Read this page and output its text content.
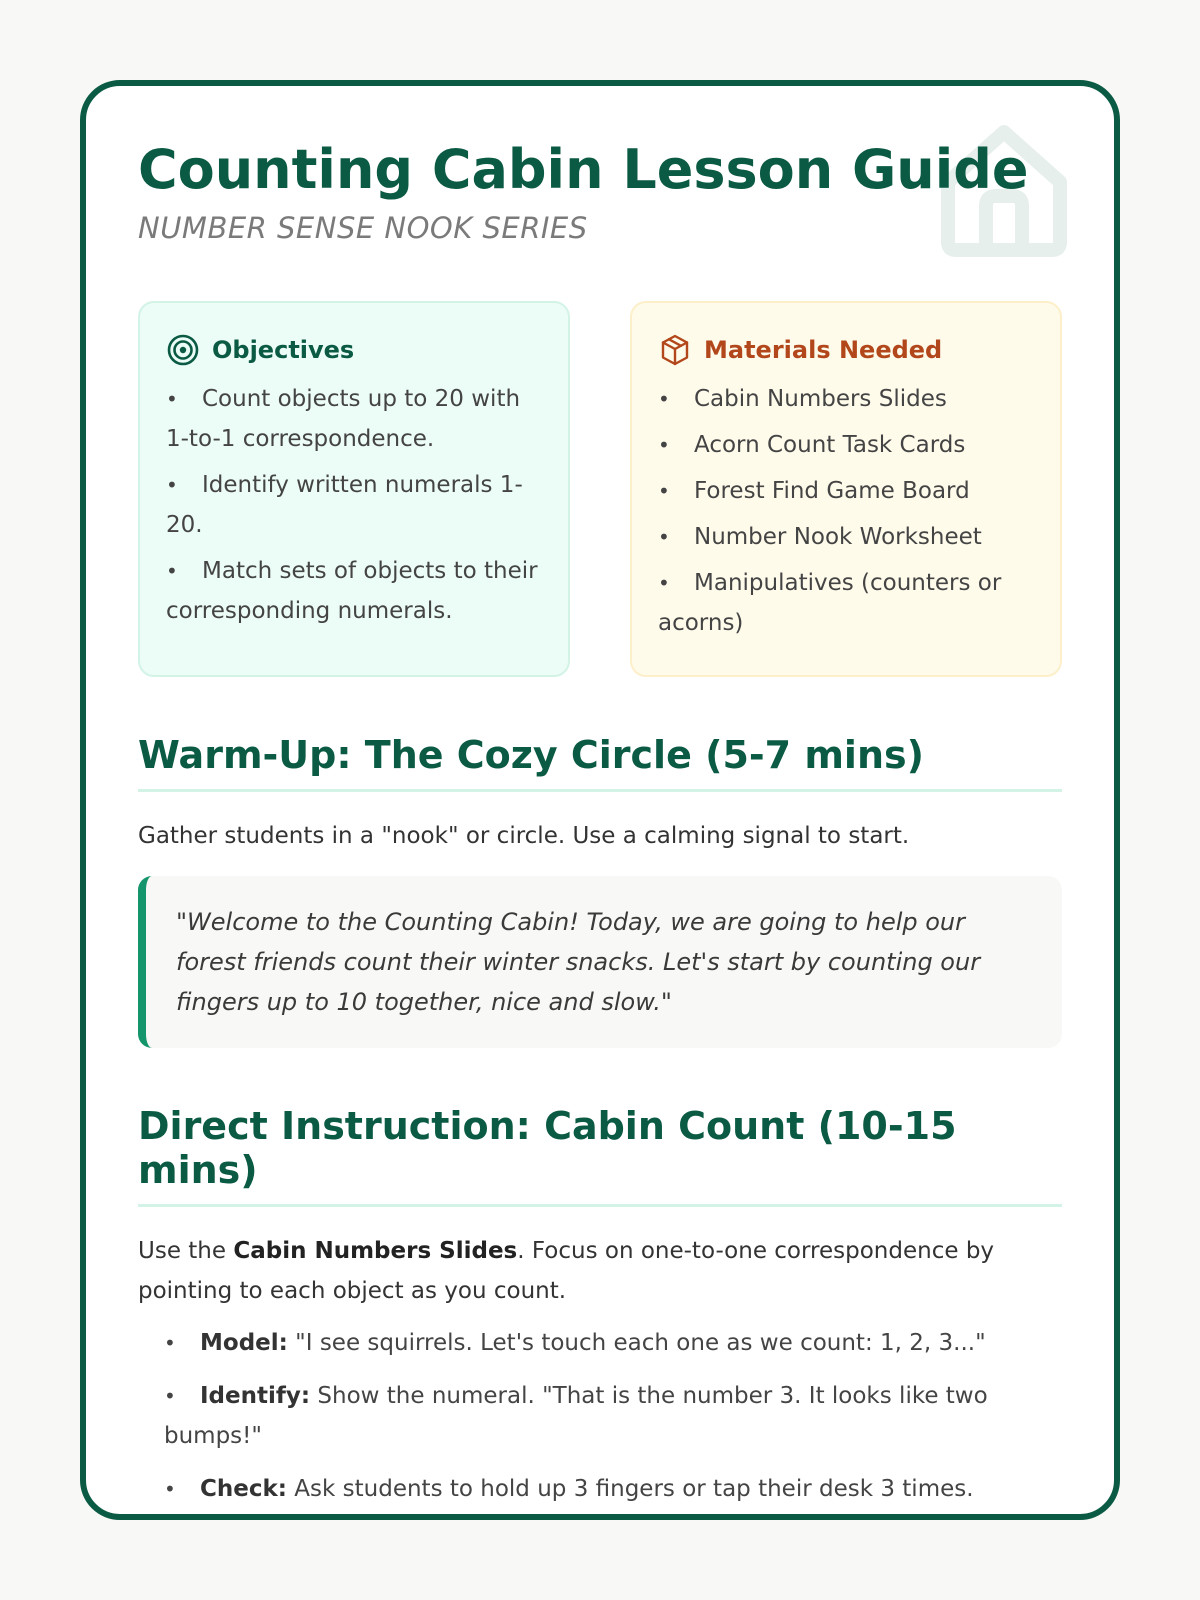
Counting Cabin Lesson Guide
NUMBER SENSE NOOK SERIES
Objectives
• Count objects up to 20 with 1-to-1 correspondence.
• Identify written numerals 1-20.
• Match sets of objects to their corresponding numerals.
Materials Needed
• Cabin Numbers Slides
• Acorn Count Task Cards
• Forest Find Game Board
• Number Nook Worksheet
• Manipulatives (counters or acorns)
Warm-Up: The Cozy Circle (5-7 mins)

Gather students in a "nook" or circle. Use a calming signal to start.

"Welcome to the Counting Cabin! Today, we are going to help our forest friends count their winter snacks. Let's start by counting our fingers up to 10 together, nice and slow."
Direct Instruction: Cabin Count (10-15 mins)

Use the Cabin Numbers Slides. Focus on one-to-one correspondence by pointing to each object as you count.

• Model: "I see squirrels. Let's touch each one as we count: 1, 2, 3..."
• Identify: Show the numeral. "That is the number 3. It looks like two bumps!"
• Check: Ask students to hold up 3 fingers or tap their desk 3 times.
